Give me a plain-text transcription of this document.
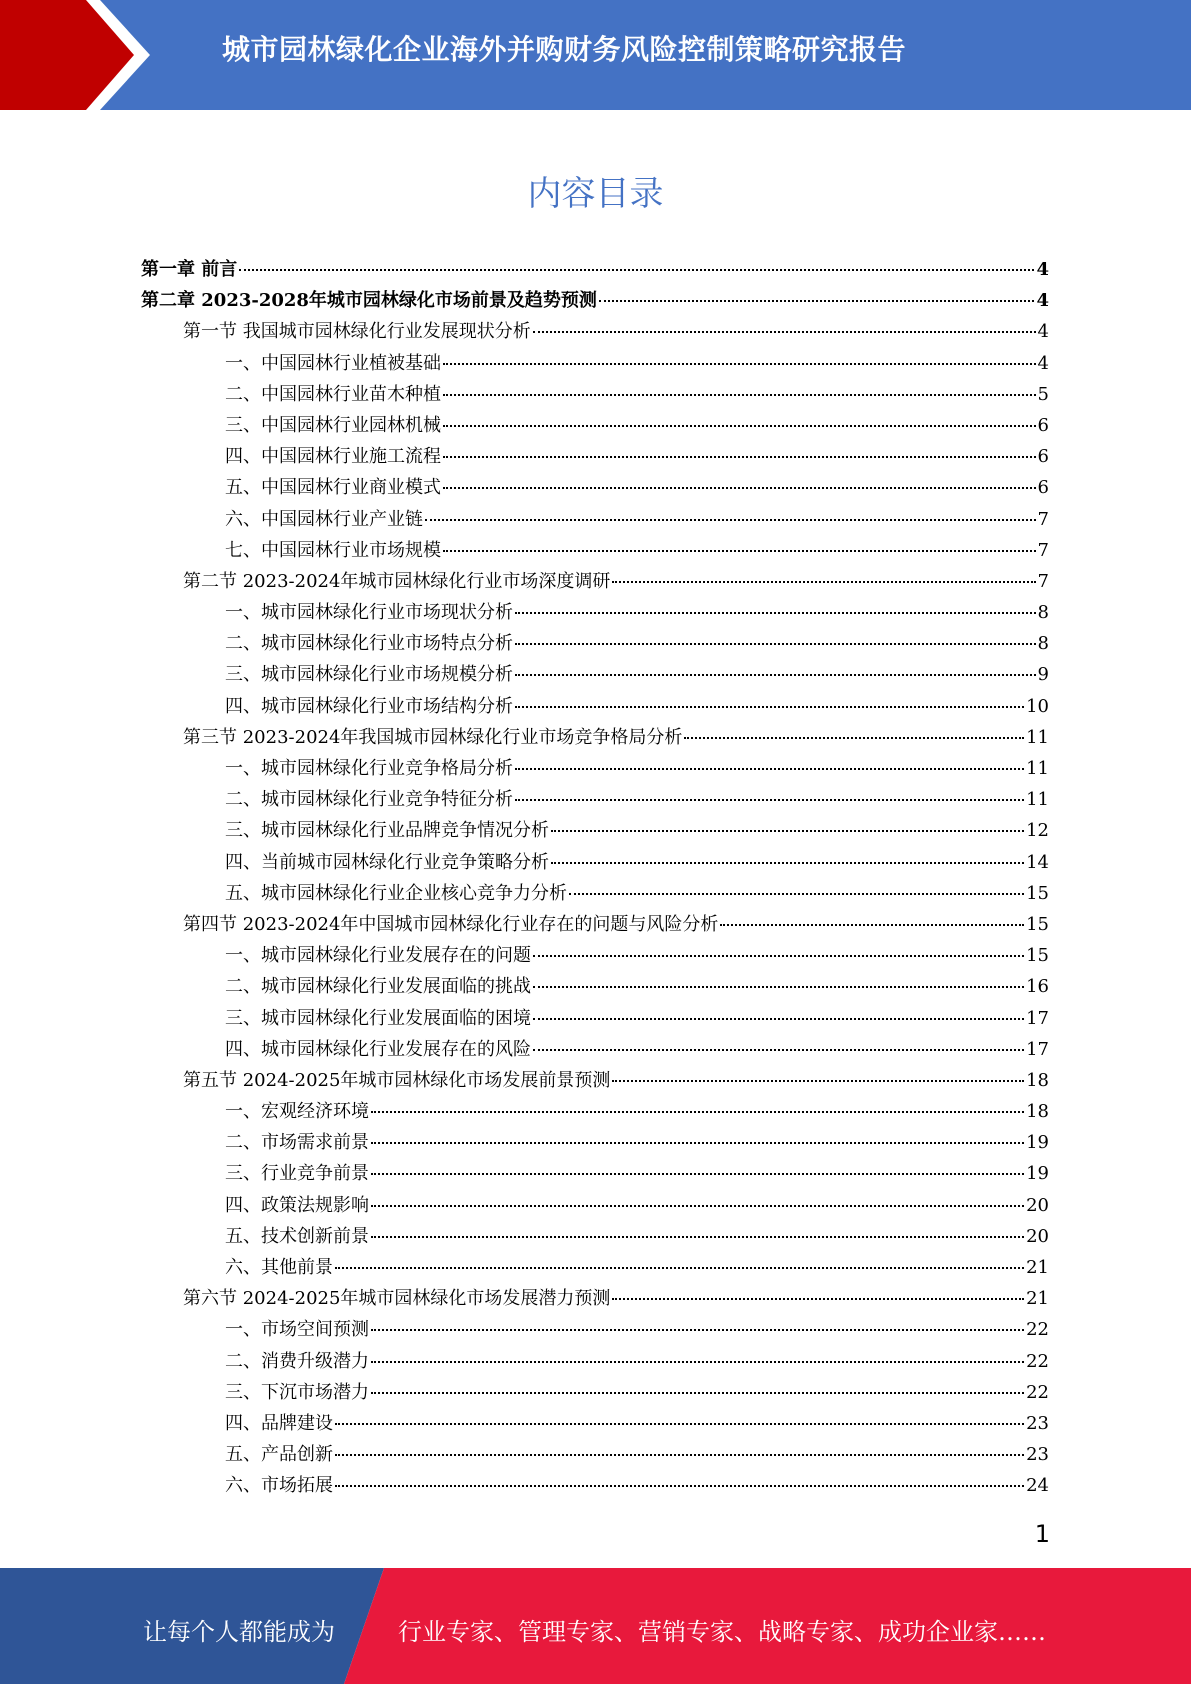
城市园林绿化企业海外并购财务风险控制策略研究报告
内容目录
第一章 前言	4
第二章 2023-2028年城市园林绿化市场前景及趋势预测	4
第一节 我国城市园林绿化行业发展现状分析	4
一、中国园林行业植被基础	4
二、中国园林行业苗木种植	5
三、中国园林行业园林机械	6
四、中国园林行业施工流程	6
五、中国园林行业商业模式	6
六、中国园林行业产业链	7
七、中国园林行业市场规模	7
第二节 2023-2024年城市园林绿化行业市场深度调研	7
一、城市园林绿化行业市场现状分析	8
二、城市园林绿化行业市场特点分析	8
三、城市园林绿化行业市场规模分析	9
四、城市园林绿化行业市场结构分析	10
第三节 2023-2024年我国城市园林绿化行业市场竞争格局分析	11
一、城市园林绿化行业竞争格局分析	11
二、城市园林绿化行业竞争特征分析	11
三、城市园林绿化行业品牌竞争情况分析	12
四、当前城市园林绿化行业竞争策略分析	14
五、城市园林绿化行业企业核心竞争力分析	15
第四节 2023-2024年中国城市园林绿化行业存在的问题与风险分析	15
一、城市园林绿化行业发展存在的问题	15
二、城市园林绿化行业发展面临的挑战	16
三、城市园林绿化行业发展面临的困境	17
四、城市园林绿化行业发展存在的风险	17
第五节 2024-2025年城市园林绿化市场发展前景预测	18
一、宏观经济环境	18
二、市场需求前景	19
三、行业竞争前景	19
四、政策法规影响	20
五、技术创新前景	20
六、其他前景	21
第六节 2024-2025年城市园林绿化市场发展潜力预测	21
一、市场空间预测	22
二、消费升级潜力	22
三、下沉市场潜力	22
四、品牌建设	23
五、产品创新	23
六、市场拓展	24
1
让每个人都能成为	行业专家、管理专家、营销专家、战略专家、成功企业家……
